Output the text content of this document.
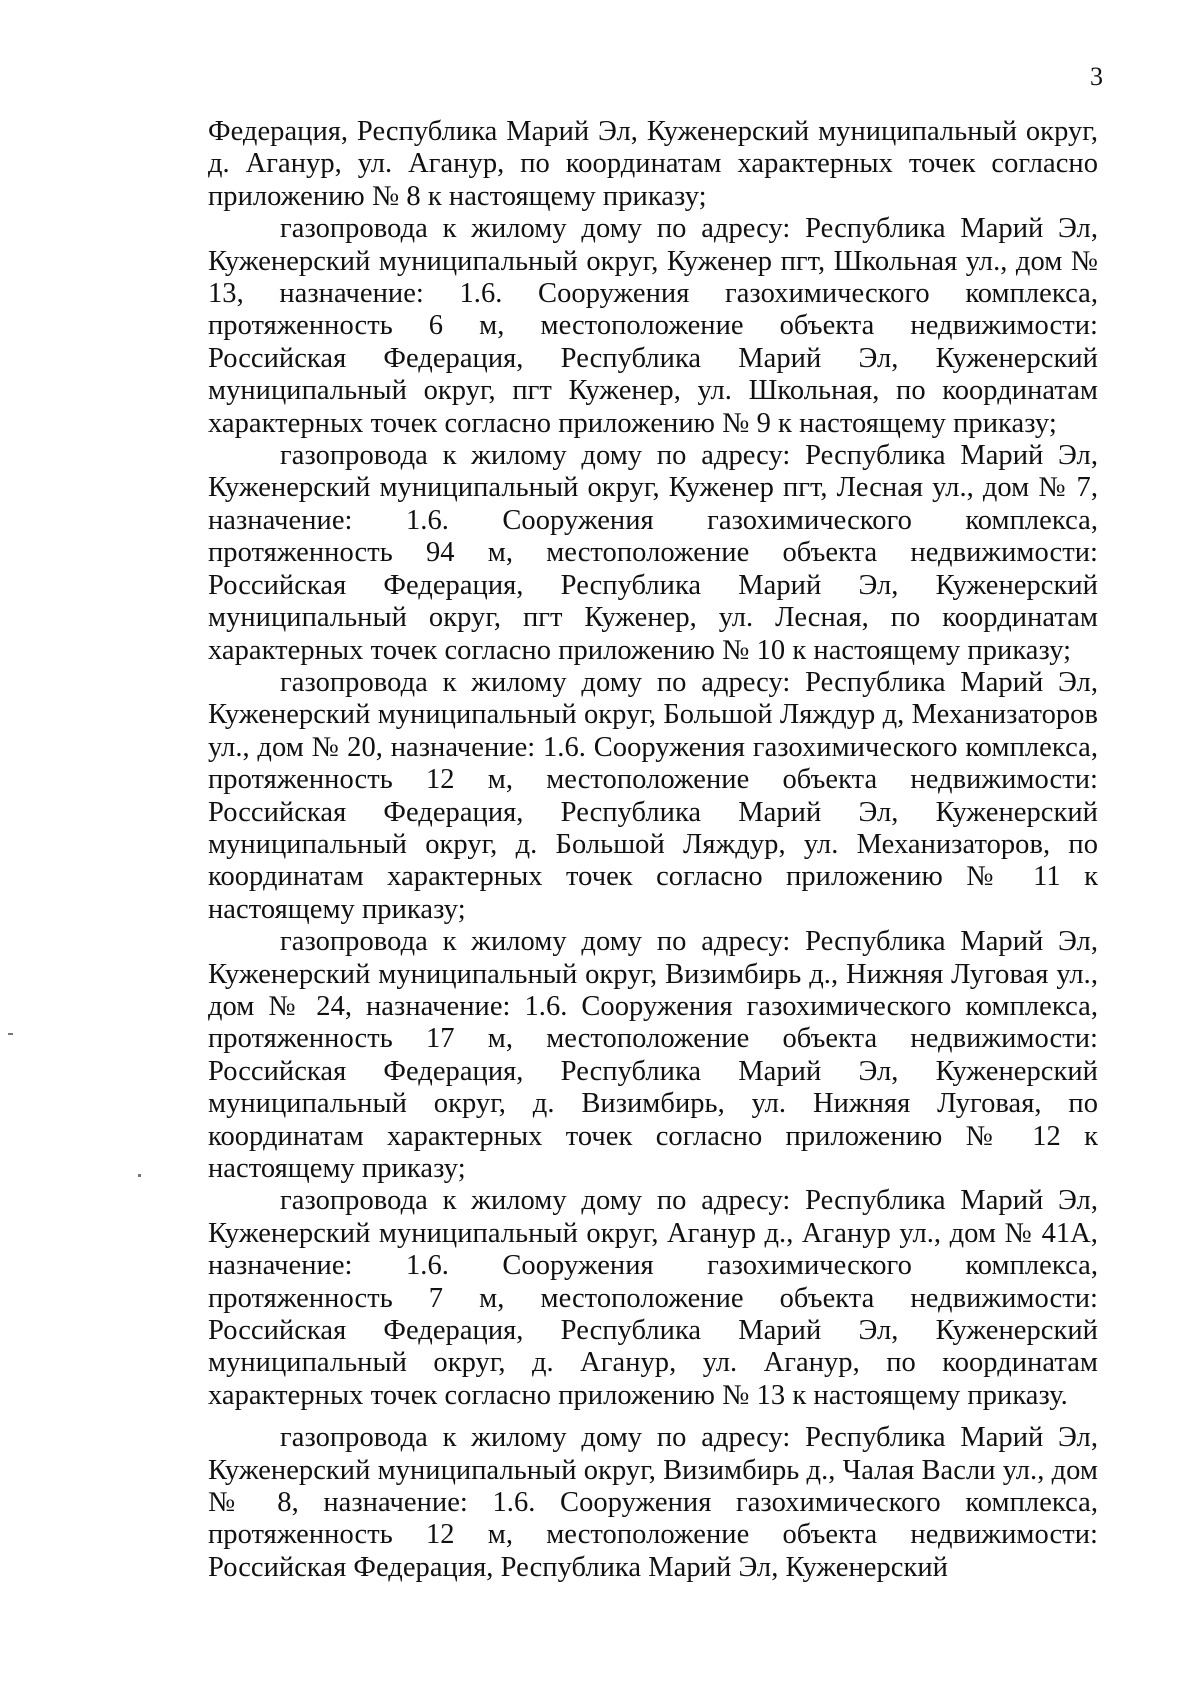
3

Федерация, Республика Марий Эл, Куженерский муниципальный округ, д. Аганур, ул. Аганур, по координатам характерных точек согласно приложению № 8 к настоящему приказу;

газопровода к жилому дому по адресу: Республика Марий Эл, Куженерский муниципальный округ, Куженер пгт, Школьная ул., дом № 13, назначение: 1.6. Сооружения газохимического комплекса, протяженность 6 м, местоположение объекта недвижимости: Российская Федерация, Республика Марий Эл, Куженерский муниципальный округ, пгт Куженер, ул. Школьная, по координатам характерных точек согласно приложению № 9 к настоящему приказу;

газопровода к жилому дому по адресу: Республика Марий Эл, Куженерский муниципальный округ, Куженер пгт, Лесная ул., дом № 7, назначение: 1.6. Сооружения газохимического комплекса, протяженность 94 м, местоположение объекта недвижимости: Российская Федерация, Республика Марий Эл, Куженерский муниципальный округ, пгт Куженер, ул. Лесная, по координатам характерных точек согласно приложению № 10 к настоящему приказу;

газопровода к жилому дому по адресу: Республика Марий Эл, Куженерский муниципальный округ, Большой Ляждур д, Механизаторов ул., дом № 20, назначение: 1.6. Сооружения газохимического комплекса, протяженность 12 м, местоположение объекта недвижимости: Российская Федерация, Республика Марий Эл, Куженерский муниципальный округ, д. Большой Ляждур, ул. Механизаторов, по координатам характерных точек согласно приложению № 11 к настоящему приказу;

газопровода к жилому дому по адресу: Республика Марий Эл, Куженерский муниципальный округ, Визимбирь д., Нижняя Луговая ул., дом № 24, назначение: 1.6. Сооружения газохимического комплекса, протяженность 17 м, местоположение объекта недвижимости: Российская Федерация, Республика Марий Эл, Куженерский муниципальный округ, д. Визимбирь, ул. Нижняя Луговая, по координатам характерных точек согласно приложению № 12 к настоящему приказу;

газопровода к жилому дому по адресу: Республика Марий Эл, Куженерский муниципальный округ, Аганур д., Аганур ул., дом № 41А, назначение: 1.6. Сооружения газохимического комплекса, протяженность 7 м, местоположение объекта недвижимости: Российская Федерация, Республика Марий Эл, Куженерский муниципальный округ, д. Аганур, ул. Аганур, по координатам характерных точек согласно приложению № 13 к настоящему приказу.

газопровода к жилому дому по адресу: Республика Марий Эл, Куженерский муниципальный округ, Визимбирь д., Чалая Васли ул., дом № 8, назначение: 1.6. Сооружения газохимического комплекса, протяженность 12 м, местоположение объекта недвижимости: Российская Федерация, Республика Марий Эл, Куженерский
